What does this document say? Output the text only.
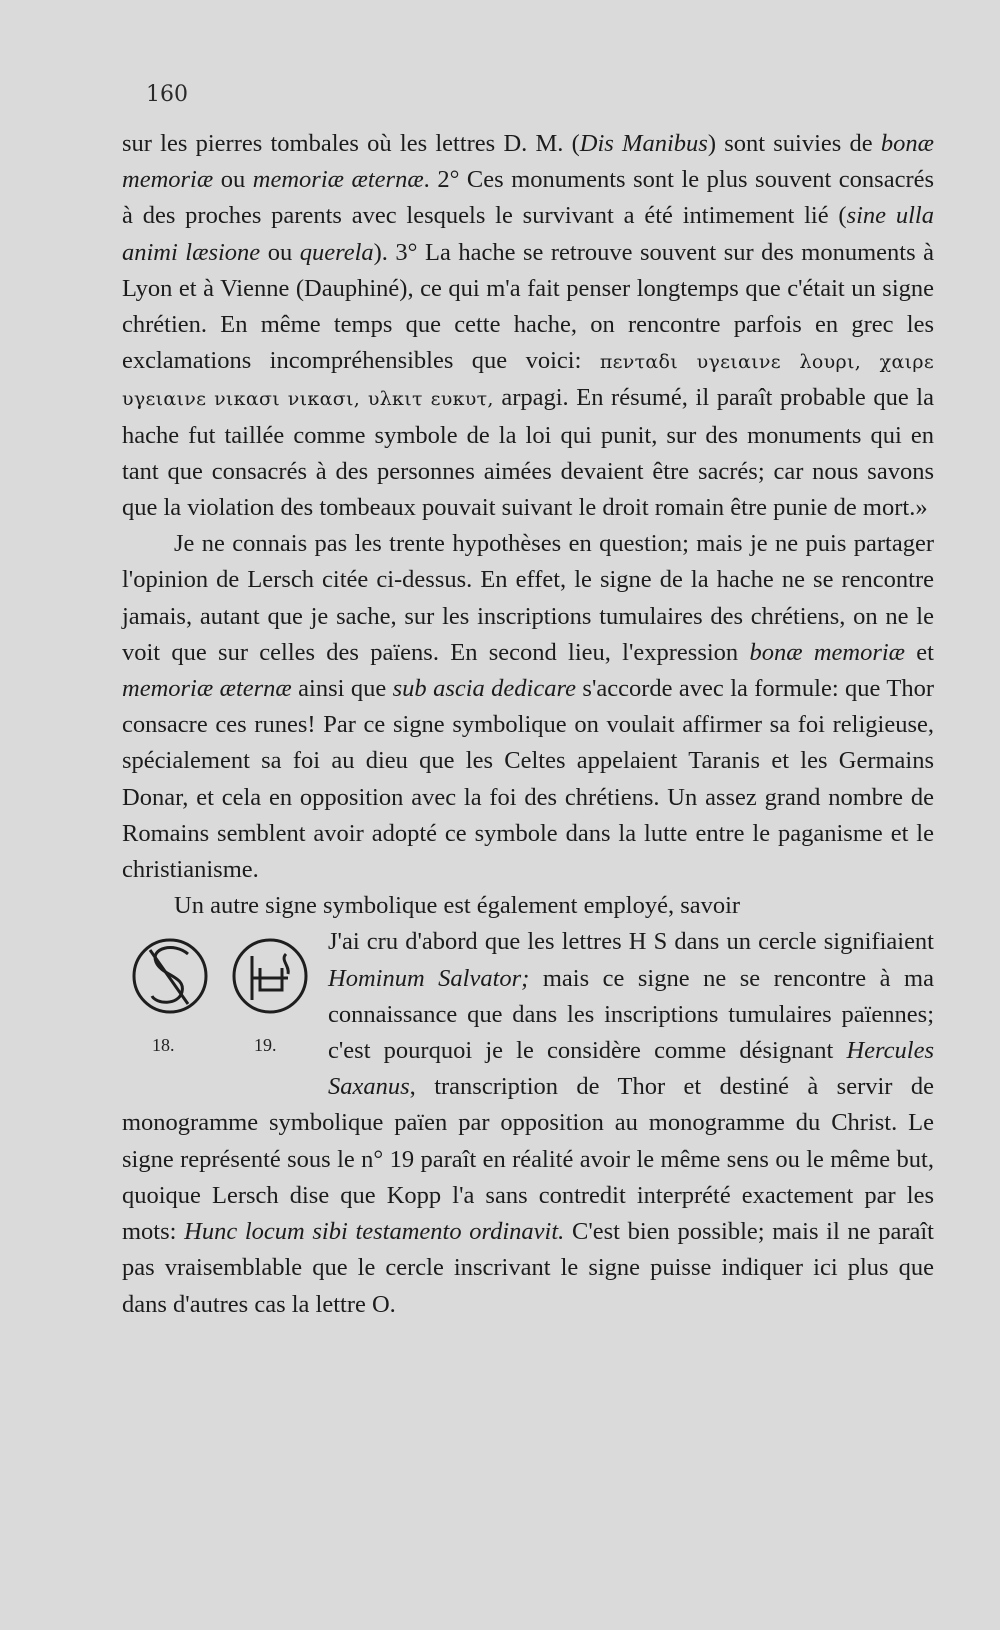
160

sur les pierres tombales où les lettres D. M. (Dis Manibus) sont suivies de bonæ memoriæ ou memoriæ æternæ. 2° Ces monuments sont le plus souvent consacrés à des proches parents avec lesquels le survivant a été intimement lié (sine ulla animi læsione ou querela). 3° La hache se retrouve souvent sur des monuments à Lyon et à Vienne (Dauphiné), ce qui m'a fait penser longtemps que c'était un signe chrétien. En même temps que cette hache, on rencontre parfois en grec les exclamations incompréhensibles que voici: πενταδι υγειαινε λουρι, χαιρε υγειαινε νικασι νικασι, υλκιτ ευκυτ, arpagi. En résumé, il paraît probable que la hache fut taillée comme symbole de la loi qui punit, sur des monuments qui en tant que consacrés à des personnes aimées devaient être sacrés; car nous savons que la violation des tombeaux pouvait suivant le droit romain être punie de mort.»

Je ne connais pas les trente hypothèses en question; mais je ne puis partager l'opinion de Lersch citée ci-dessus. En effet, le signe de la hache ne se rencontre jamais, autant que je sache, sur les inscriptions tumulaires des chrétiens, on ne le voit que sur celles des païens. En second lieu, l'expression bonæ memoriæ et memoriæ æternæ ainsi que sub ascia dedicare s'accorde avec la formule: que Thor consacre ces runes! Par ce signe symbolique on voulait affirmer sa foi religieuse, spécialement sa foi au dieu que les Celtes appelaient Taranis et les Germains Donar, et cela en opposition avec la foi des chrétiens. Un assez grand nombre de Romains semblent avoir adopté ce symbole dans la lutte entre le paganisme et le christianisme.

Un autre signe symbolique est également employé, savoir

18.	19.
J'ai cru d'abord que les lettres H S dans un cercle signifiaient Hominum Salvator; mais ce signe ne se rencontre à ma connaissance que dans les inscriptions tumulaires païennes; c'est pourquoi je le considère comme désignant Hercules Saxanus, transcription de Thor et destiné à servir de monogramme symbolique païen par opposition au monogramme du Christ. Le signe représenté sous le n° 19 paraît en réalité avoir le même sens ou le même but, quoique Lersch dise que Kopp l'a sans contredit interprété exactement par les mots: Hunc locum sibi testamento ordinavit. C'est bien possible; mais il ne paraît pas vraisemblable que le cercle inscrivant le signe puisse indiquer ici plus que dans d'autres cas la lettre O.
